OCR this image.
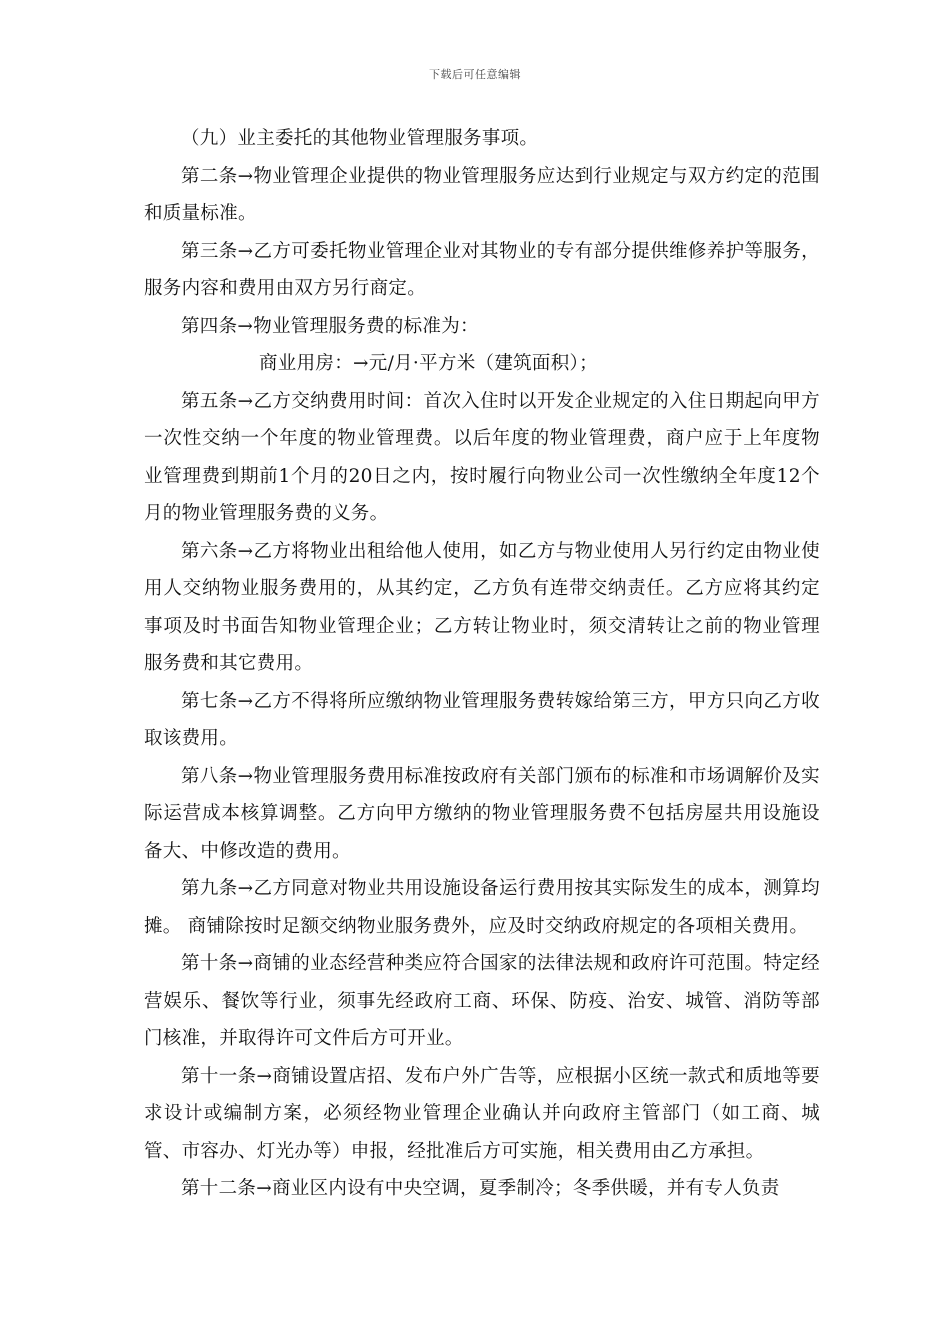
下载后可任意编辑

（九）业主委托的其他物业管理服务事项。

第二条→物业管理企业提供的物业管理服务应达到行业规定与双方约定的范围和质量标准。

第三条→乙方可委托物业管理企业对其物业的专有部分提供维修养护等服务，服务内容和费用由双方另行商定。

第四条→物业管理服务费的标准为：

商业用房：→元/月·平方米（建筑面积）；

第五条→乙方交纳费用时间：首次入住时以开发企业规定的入住日期起向甲方一次性交纳一个年度的物业管理费。以后年度的物业管理费，商户应于上年度物业管理费到期前1个月的20日之内，按时履行向物业公司一次性缴纳全年度12个月的物业管理服务费的义务。

第六条→乙方将物业出租给他人使用，如乙方与物业使用人另行约定由物业使用人交纳物业服务费用的，从其约定，乙方负有连带交纳责任。乙方应将其约定事项及时书面告知物业管理企业；乙方转让物业时，须交清转让之前的物业管理服务费和其它费用。

第七条→乙方不得将所应缴纳物业管理服务费转嫁给第三方，甲方只向乙方收取该费用。

第八条→物业管理服务费用标准按政府有关部门颁布的标准和市场调解价及实际运营成本核算调整。乙方向甲方缴纳的物业管理服务费不包括房屋共用设施设备大、中修改造的费用。

第九条→乙方同意对物业共用设施设备运行费用按其实际发生的成本，测算均摊。 商铺除按时足额交纳物业服务费外，应及时交纳政府规定的各项相关费用。

第十条→商铺的业态经营种类应符合国家的法律法规和政府许可范围。特定经营娱乐、餐饮等行业，须事先经政府工商、环保、防疫、治安、城管、消防等部门核准，并取得许可文件后方可开业。

第十一条→商铺设置店招、发布户外广告等，应根据小区统一款式和质地等要求设计或编制方案，必须经物业管理企业确认并向政府主管部门（如工商、城管、市容办、灯光办等）申报，经批准后方可实施，相关费用由乙方承担。

第十二条→商业区内设有中央空调，夏季制冷；冬季供暖，并有专人负责
